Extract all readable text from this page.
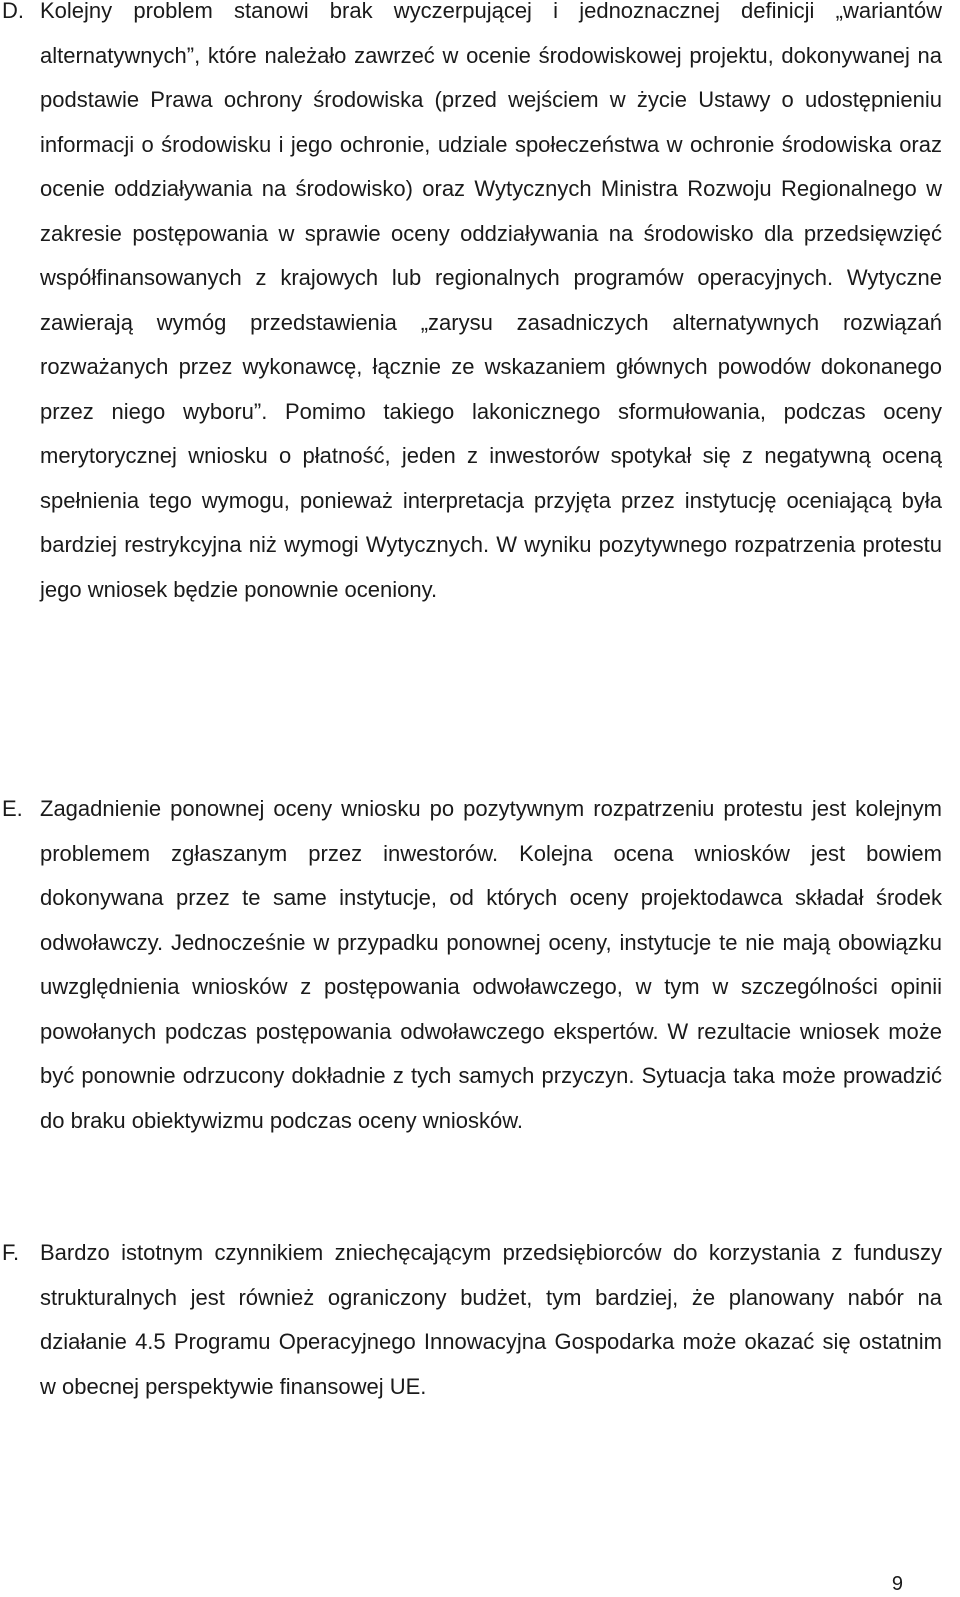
D. Kolejny problem stanowi brak wyczerpującej i jednoznacznej definicji „wariantów alternatywnych”, które należało zawrzeć w ocenie środowiskowej projektu, dokonywanej na podstawie Prawa ochrony środowiska (przed wejściem w życie Ustawy o udostępnieniu informacji o środowisku i jego ochronie, udziale społeczeństwa w ochronie środowiska oraz ocenie oddziaływania na środowisko) oraz Wytycznych Ministra Rozwoju Regionalnego w zakresie postępowania w sprawie oceny oddziaływania na środowisko dla przedsięwzięć współfinansowanych z krajowych lub regionalnych programów operacyjnych. Wytyczne zawierają wymóg przedstawienia „zarysu zasadniczych alternatywnych rozwiązań rozważanych przez wykonawcę, łącznie ze wskazaniem głównych powodów dokonanego przez niego wyboru”. Pomimo takiego lakonicznego sformułowania, podczas oceny merytorycznej wniosku o płatność, jeden z inwestorów spotykał się z negatywną oceną spełnienia tego wymogu, ponieważ interpretacja przyjęta przez instytucję oceniającą była bardziej restrykcyjna niż wymogi Wytycznych. W wyniku pozytywnego rozpatrzenia protestu jego wniosek będzie ponownie oceniony.

E. Zagadnienie ponownej oceny wniosku po pozytywnym rozpatrzeniu protestu jest kolejnym problemem zgłaszanym przez inwestorów. Kolejna ocena wniosków jest bowiem dokonywana przez te same instytucje, od których oceny projektodawca składał środek odwoławczy. Jednocześnie w przypadku ponownej oceny, instytucje te nie mają obowiązku uwzględnienia wniosków z postępowania odwoławczego, w tym w szczególności opinii powołanych podczas postępowania odwoławczego ekspertów. W rezultacie wniosek może być ponownie odrzucony dokładnie z tych samych przyczyn. Sytuacja taka może prowadzić do braku obiektywizmu podczas oceny wniosków.

F. Bardzo istotnym czynnikiem zniechęcającym przedsiębiorców do korzystania z funduszy strukturalnych jest również ograniczony budżet, tym bardziej, że planowany nabór na działanie 4.5 Programu Operacyjnego Innowacyjna Gospodarka może okazać się ostatnim w obecnej perspektywie finansowej UE.

9
